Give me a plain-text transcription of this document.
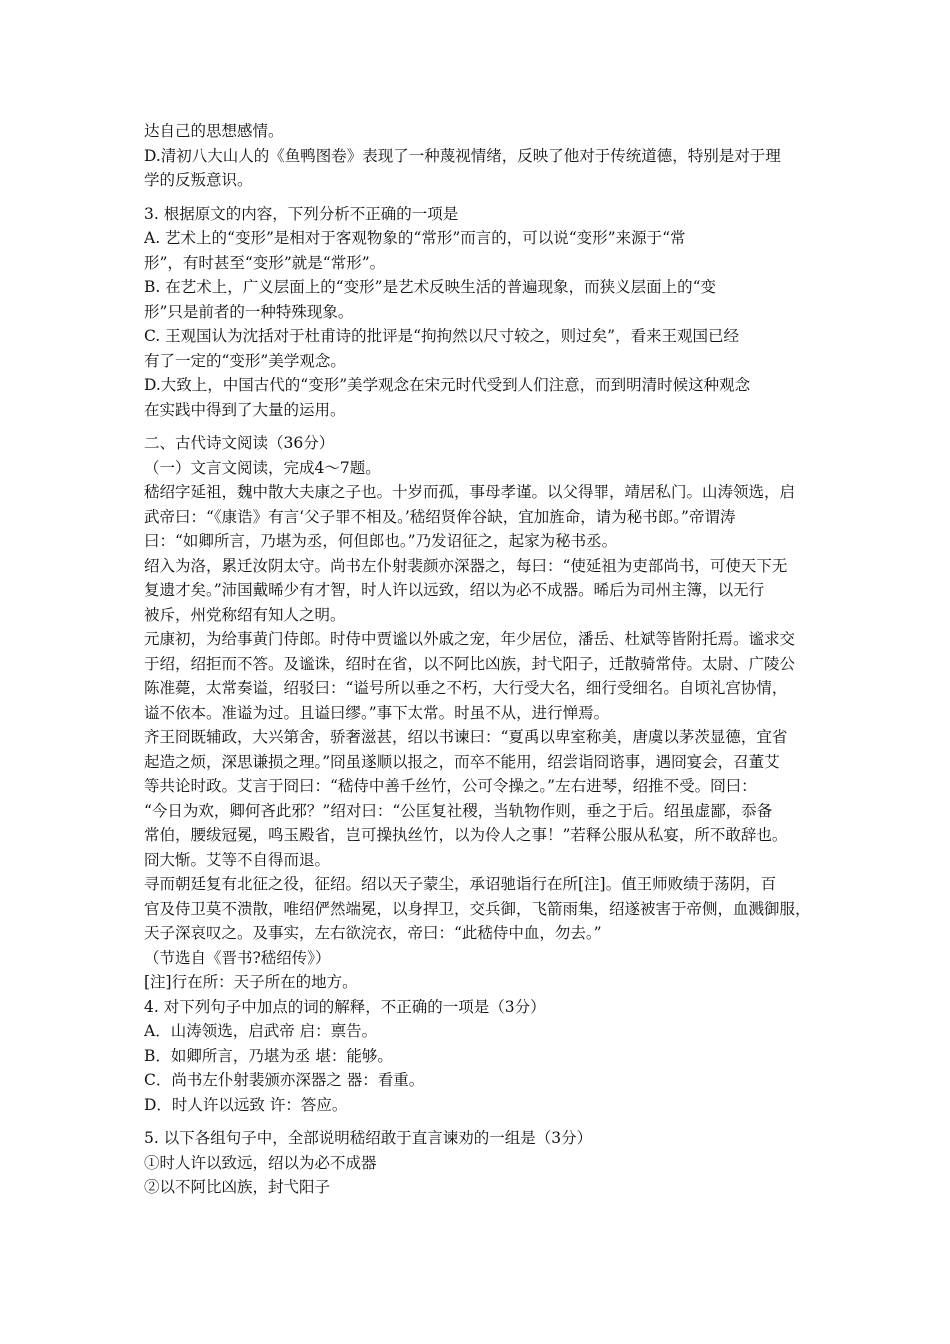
达自己的思想感情。
D.清初八大山人的《鱼鸭图卷》表现了一种蔑视情绪，反映了他对于传统道德，特别是对于理
学的反叛意识。
3. 根据原文的内容，下列分析不正确的一项是
A. 艺术上的“变形”是相对于客观物象的“常形”而言的，可以说“变形”来源于“常
形”，有时甚至“变形”就是“常形”。
B. 在艺术上，广义层面上的“变形”是艺术反映生活的普遍现象，而狭义层面上的“变
形”只是前者的一种特殊现象。
C. 王观国认为沈括对于杜甫诗的批评是“拘拘然以尺寸较之，则过矣”，看来王观国已经
有了一定的“变形”美学观念。
D.大致上，中国古代的“变形”美学观念在宋元时代受到人们注意，而到明清时候这种观念
在实践中得到了大量的运用。
二、古代诗文阅读（36分）
（一）文言文阅读，完成4～7题。
嵇绍字延祖，魏中散大夫康之子也。十岁而孤，事母孝谨。以父得罪，靖居私门。山涛领选，启
武帝曰：“《康诰》有言‘父子罪不相及。’嵇绍贤侔谷缺，宜加旌命，请为秘书郎。”帝谓涛
曰：“如卿所言，乃堪为丞，何但郎也。”乃发诏征之，起家为秘书丞。
绍入为洛，累迁汝阴太守。尚书左仆射裴颜亦深器之，每曰：“使延祖为吏部尚书，可使天下无
复遗才矣。”沛国戴晞少有才智，时人许以远致，绍以为必不成器。晞后为司州主簿，以无行
被斥，州党称绍有知人之明。
元康初，为给事黄门侍郎。时侍中贾谧以外戚之宠，年少居位，潘岳、杜斌等皆附托焉。谧求交
于绍，绍拒而不答。及谧诛，绍时在省，以不阿比凶族，封弋阳子，迁散骑常侍。太尉、广陵公
陈准薨，太常奏谥，绍驳曰：“谥号所以垂之不朽，大行受大名，细行受细名。自顷礼宫协情，
谥不依本。准谥为过。且谥曰缪。”事下太常。时虽不从，进行惮焉。
齐王冏既辅政，大兴第舍，骄奢滋甚，绍以书谏曰：“夏禹以卑室称美，唐虞以茅茨显德，宜省
起造之烦，深思谦损之理。”冏虽遂顺以报之，而卒不能用，绍尝诣冏谘事，遇冏宴会，召董艾
等共论时政。艾言于冏曰：“嵇侍中善千丝竹，公可令操之。”左右进琴，绍推不受。冏曰：
“今日为欢，卿何吝此邪？”绍对曰：“公匡复社稷，当轨物作则，垂之于后。绍虽虚鄙，忝备
常伯，腰绂冠冕，鸣玉殿省，岂可操执丝竹，以为伶人之事！”若释公服从私宴，所不敢辞也。
冏大惭。艾等不自得而退。
寻而朝廷复有北征之役，征绍。绍以天子蒙尘，承诏驰诣行在所[注]。值王师败绩于荡阴，百
官及侍卫莫不溃散，唯绍俨然端冕，以身捍卫，交兵御，飞箭雨集，绍遂被害于帝侧，血溅御服，
天子深哀叹之。及事实，左右欲浣衣，帝曰：“此嵇侍中血，勿去。”
（节选自《晋书?嵇绍传》）
[注]行在所：天子所在的地方。
4. 对下列句子中加点的词的解释，不正确的一项是（3分）
A．山涛领选，启武帝 启：禀告。
B．如卿所言，乃堪为丞 堪：能够。
C．尚书左仆射裴颁亦深器之 器：看重。
D．时人许以远致 许：答应。
5. 以下各组句子中，全部说明嵇绍敢于直言谏劝的一组是（3分）
①时人许以致远，绍以为必不成器
②以不阿比凶族，封弋阳子
